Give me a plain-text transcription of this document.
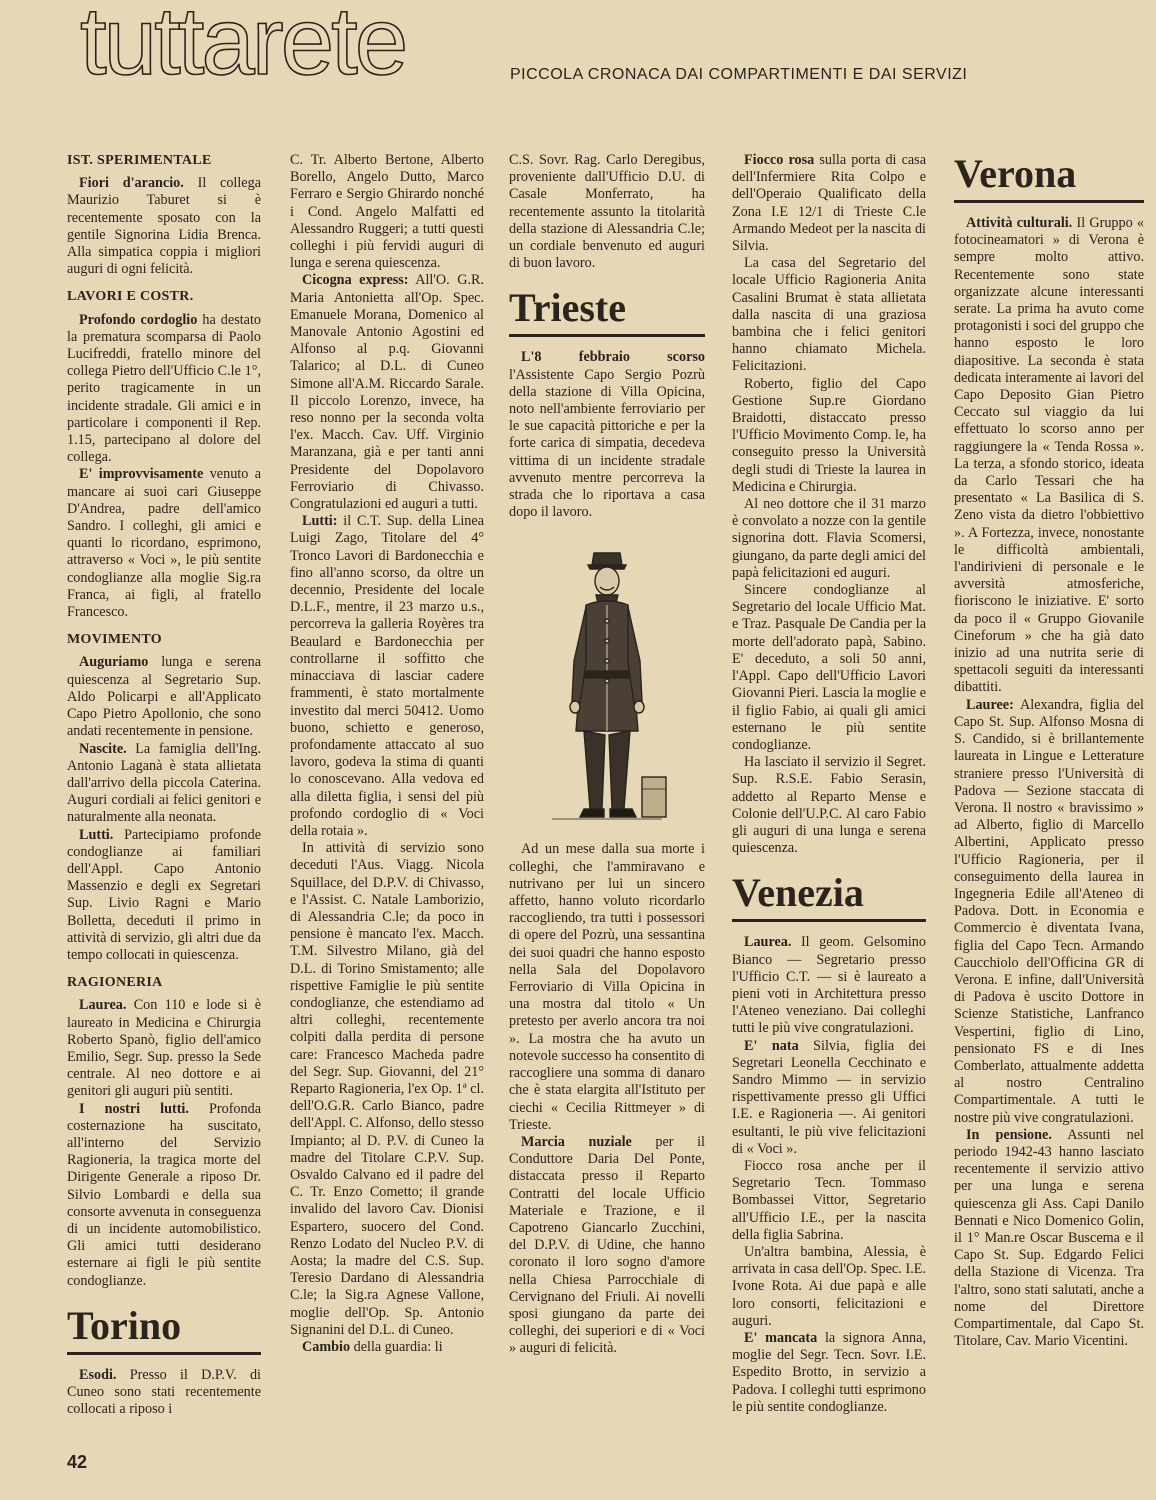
tuttarete	PICCOLA CRONACA DAI COMPARTIMENTI E DAI SERVIZI
IST. SPERIMENTALE

Fiori d'arancio. Il collega Maurizio Taburet si è recentemente sposato con la gentile Signorina Lidia Brenca. Alla simpatica coppia i migliori auguri di ogni felicità.

LAVORI E COSTR.

Profondo cordoglio ha destato la prematura scomparsa di Paolo Lucifreddi, fratello minore del collega Pietro dell'Ufficio C.le 1°, perito tragicamente in un incidente stradale. Gli amici e in particolare i componenti il Rep. 1.15, partecipano al dolore del collega.

E' improvvisamente venuto a mancare ai suoi cari Giuseppe D'Andrea, padre dell'amico Sandro. I colleghi, gli amici e quanti lo ricordano, esprimono, attraverso « Voci », le più sentite condoglianze alla moglie Sig.ra Franca, ai figli, al fratello Francesco.

MOVIMENTO

Auguriamo lunga e serena quiescenza al Segretario Sup. Aldo Policarpi e all'Applicato Capo Pietro Apollonio, che sono andati recentemente in pensione.

Nascite. La famiglia dell'Ing. Antonio Laganà è stata allietata dall'arrivo della piccola Caterina. Auguri cordiali ai felici genitori e naturalmente alla neonata.

Lutti. Partecipiamo profonde condoglianze ai familiari dell'Appl. Capo Antonio Massenzio e degli ex Segretari Sup. Livio Ragni e Mario Bolletta, deceduti il primo in attività di servizio, gli altri due da tempo collocati in quiescenza.

RAGIONERIA

Laurea. Con 110 e lode si è laureato in Medicina e Chirurgia Roberto Spanò, figlio dell'amico Emilio, Segr. Sup. presso la Sede centrale. Al neo dottore e ai genitori gli auguri più sentiti.

I nostri lutti. Profonda costernazione ha suscitato, all'interno del Servizio Ragioneria, la tragica morte del Dirigente Generale a riposo Dr. Silvio Lombardi e della sua consorte avvenuta in conseguenza di un incidente automobilistico. Gli amici tutti desiderano esternare ai figli le più sentite condoglianze.

Torino

Esodi. Presso il D.P.V. di Cuneo sono stati recentemente collocati a riposo i

C. Tr. Alberto Bertone, Alberto Borello, Angelo Dutto, Marco Ferraro e Sergio Ghirardo nonché i Cond. Angelo Malfatti ed Alessandro Ruggeri; a tutti questi colleghi i più fervidi auguri di lunga e serena quiescenza.

Cicogna express: All'O. G.R. Maria Antonietta all'Op. Spec. Emanuele Morana, Domenico al Manovale Antonio Agostini ed Alfonso al p.q. Giovanni Talarico; al D.L. di Cuneo Simone all'A.M. Riccardo Sarale. Il piccolo Lorenzo, invece, ha reso nonno per la seconda volta l'ex. Macch. Cav. Uff. Virginio Maranzana, già e per tanti anni Presidente del Dopolavoro Ferroviario di Chivasso. Congratulazioni ed auguri a tutti.

Lutti: il C.T. Sup. della Linea Luigi Zago, Titolare del 4° Tronco Lavori di Bardonecchia e fino all'anno scorso, da oltre un decennio, Presidente del locale D.L.F., mentre, il 23 marzo u.s., percorreva la galleria Royères tra Beaulard e Bardonecchia per controllarne il soffitto che minacciava di lasciar cadere frammenti, è stato mortalmente investito dal merci 50412. Uomo buono, schietto e generoso, profondamente attaccato al suo lavoro, godeva la stima di quanti lo conoscevano. Alla vedova ed alla diletta figlia, i sensi del più profondo cordoglio di « Voci della rotaia ».

In attività di servizio sono deceduti l'Aus. Viagg. Nicola Squillace, del D.P.V. di Chivasso, e l'Assist. C. Natale Lamborizio, di Alessandria C.le; da poco in pensione è mancato l'ex. Macch. T.M. Silvestro Milano, già del D.L. di Torino Smistamento; alle rispettive Famiglie le più sentite condoglianze, che estendiamo ad altri colleghi, recentemente colpiti dalla perdita di persone care: Francesco Macheda padre del Segr. Sup. Giovanni, del 21° Reparto Ragioneria, l'ex Op. 1ª cl. dell'O.G.R. Carlo Bianco, padre dell'Appl. C. Alfonso, dello stesso Impianto; al D. P.V. di Cuneo la madre del Titolare C.P.V. Sup. Osvaldo Calvano ed il padre del C. Tr. Enzo Cometto; il grande invalido del lavoro Cav. Dionisi Espartero, suocero del Cond. Renzo Lodato del Nucleo P.V. di Aosta; la madre del C.S. Sup. Teresio Dardano di Alessandria C.le; la Sig.ra Agnese Vallone, moglie dell'Op. Sp. Antonio Signanini del D.L. di Cuneo.

Cambio della guardia: li

C.S. Sovr. Rag. Carlo Deregibus, proveniente dall'Ufficio D.U. di Casale Monferrato, ha recentemente assunto la titolarità della stazione di Alessandria C.le; un cordiale benvenuto ed auguri di buon lavoro.

Trieste

L'8 febbraio scorso l'Assistente Capo Sergio Pozrù della stazione di Villa Opicina, noto nell'ambiente ferroviario per le sue capacità pittoriche e per la forte carica di simpatia, decedeva vittima di un incidente stradale avvenuto mentre percorreva la strada che lo riportava a casa dopo il lavoro.

Ad un mese dalla sua morte i colleghi, che l'ammiravano e nutrivano per lui un sincero affetto, hanno voluto ricordarlo raccogliendo, tra tutti i possessori di opere del Pozrù, una sessantina dei suoi quadri che hanno esposto nella Sala del Dopolavoro Ferroviario di Villa Opicina in una mostra dal titolo « Un pretesto per averlo ancora tra noi ». La mostra che ha avuto un notevole successo ha consentito di raccogliere una somma di danaro che è stata elargita all'Istituto per ciechi « Cecilia Rittmeyer » di Trieste.

Marcia nuziale per il Conduttore Daria Del Ponte, distaccata presso il Reparto Contratti del locale Ufficio Materiale e Trazione, e il Capotreno Giancarlo Zucchini, del D.P.V. di Udine, che hanno coronato il loro sogno d'amore nella Chiesa Parrocchiale di Cervignano del Friuli. Ai novelli sposi giungano da parte dei colleghi, dei superiori e di « Voci » auguri di felicità.

Fiocco rosa sulla porta di casa dell'Infermiere Rita Colpo e dell'Operaio Qualificato della Zona I.E 12/1 di Trieste C.le Armando Medeot per la nascita di Silvia.

La casa del Segretario del locale Ufficio Ragioneria Anita Casalini Brumat è stata allietata dalla nascita di una graziosa bambina che i felici genitori hanno chiamato Michela. Felicitazioni.

Roberto, figlio del Capo Gestione Sup.re Giordano Braidotti, distaccato presso l'Ufficio Movimento Comp. le, ha conseguito presso la Università degli studi di Trieste la laurea in Medicina e Chirurgia.

Al neo dottore che il 31 marzo è convolato a nozze con la gentile signorina dott. Flavia Scomersi, giungano, da parte degli amici del papà felicitazioni ed auguri.

Sincere condoglianze al Segretario del locale Ufficio Mat. e Traz. Pasquale De Candia per la morte dell'adorato papà, Sabino. E' deceduto, a soli 50 anni, l'Appl. Capo dell'Ufficio Lavori Giovanni Pieri. Lascia la moglie e il figlio Fabio, ai quali gli amici esternano le più sentite condoglianze.

Ha lasciato il servizio il Segret. Sup. R.S.E. Fabio Serasin, addetto al Reparto Mense e Colonie dell'U.P.C. Al caro Fabio gli auguri di una lunga e serena quiescenza.

Venezia

Laurea. Il geom. Gelsomino Bianco — Segretario presso l'Ufficio C.T. — si è laureato a pieni voti in Architettura presso l'Ateneo veneziano. Dai colleghi tutti le più vive congratulazioni.

E' nata Silvia, figlia dei Segretari Leonella Cecchinato e Sandro Mimmo — in servizio rispettivamente presso gli Uffici I.E. e Ragioneria —. Ai genitori esultanti, le più vive felicitazioni di « Voci ».

Fiocco rosa anche per il Segretario Tecn. Tommaso Bombassei Vittor, Segretario all'Ufficio I.E., per la nascita della figlia Sabrina.

Un'altra bambina, Alessia, è arrivata in casa dell'Op. Spec. I.E. Ivone Rota. Ai due papà e alle loro consorti, felicitazioni e auguri.

E' mancata la signora Anna, moglie del Segr. Tecn. Sovr. I.E. Espedito Brotto, in servizio a Padova. I colleghi tutti esprimono le più sentite condoglianze.

Verona

Attività culturali. Il Gruppo « fotocineamatori » di Verona è sempre molto attivo. Recentemente sono state organizzate alcune interessanti serate. La prima ha avuto come protagonisti i soci del gruppo che hanno esposto le loro diapositive. La seconda è stata dedicata interamente ai lavori del Capo Deposito Gian Pietro Ceccato sul viaggio da lui effettuato lo scorso anno per raggiungere la « Tenda Rossa ». La terza, a sfondo storico, ideata da Carlo Tessari che ha presentato « La Basilica di S. Zeno vista da dietro l'obbiettivo ». A Fortezza, invece, nonostante le difficoltà ambientali, l'andirivieni di personale e le avversità atmosferiche, fioriscono le iniziative. E' sorto da poco il « Gruppo Giovanile Cineforum » che ha già dato inizio ad una nutrita serie di spettacoli seguiti da interessanti dibattiti.

Lauree: Alexandra, figlia del Capo St. Sup. Alfonso Mosna di S. Candido, si è brillantemente laureata in Lingue e Letterature straniere presso l'Università di Padova — Sezione staccata di Verona. Il nostro « bravissimo » ad Alberto, figlio di Marcello Albertini, Applicato presso l'Ufficio Ragioneria, per il conseguimento della laurea in Ingegneria Edile all'Ateneo di Padova. Dott. in Economia e Commercio è diventata Ivana, figlia del Capo Tecn. Armando Caucchiolo dell'Officina GR di Verona. E infine, dall'Università di Padova è uscito Dottore in Scienze Statistiche, Lanfranco Vespertini, figlio di Lino, pensionato FS e di Ines Comberlato, attualmente addetta al nostro Centralino Compartimentale. A tutti le nostre più vive congratulazioni.

In pensione. Assunti nel periodo 1942-43 hanno lasciato recentemente il servizio attivo per una lunga e serena quiescenza gli Ass. Capi Danilo Bennati e Nico Domenico Golin, il 1° Man.re Oscar Buscema e il Capo St. Sup. Edgardo Felici della Stazione di Vicenza. Tra l'altro, sono stati salutati, anche a nome del Direttore Compartimentale, dal Capo St. Titolare, Cav. Mario Vicentini.

42
